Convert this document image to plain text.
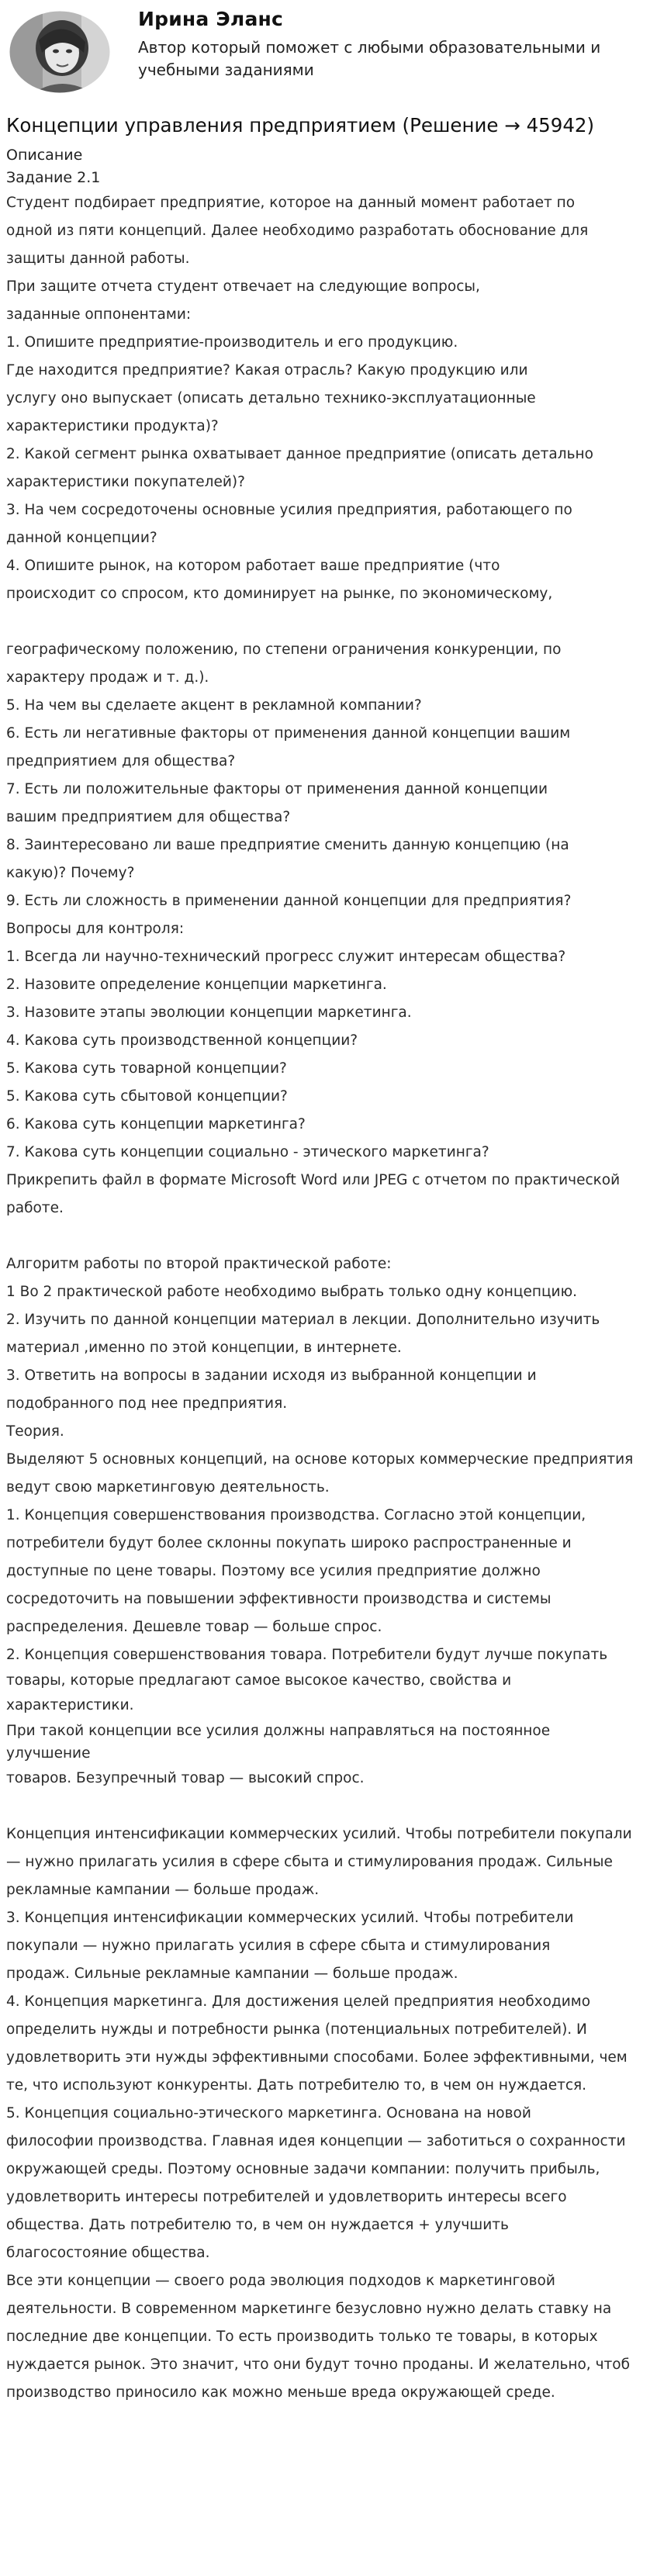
Ирина Эланс
Автор который поможет с любыми образовательными и
учебными заданиями
Концепции управления предприятием (Решение → 45942)
Описание
Задание 2.1
Студент подбирает предприятие, которое на данный момент работает по
одной из пяти концепций. Далее необходимо разработать обоснование для
защиты данной работы.
При защите отчета студент отвечает на следующие вопросы,
заданные оппонентами:
1. Опишите предприятие-производитель и его продукцию.
Где находится предприятие? Какая отрасль? Какую продукцию или
услугу оно выпускает (описать детально технико-эксплуатационные
характеристики продукта)?
2. Какой сегмент рынка охватывает данное предприятие (описать детально
характеристики покупателей)?
3. На чем сосредоточены основные усилия предприятия, работающего по
данной концепции?
4. Опишите рынок, на котором работает ваше предприятие (что
происходит со спросом, кто доминирует на рынке, по экономическому,
географическому положению, по степени ограничения конкуренции, по
характеру продаж и т. д.).
5. На чем вы сделаете акцент в рекламной компании?
6. Есть ли негативные факторы от применения данной концепции вашим
предприятием для общества?
7. Есть ли положительные факторы от применения данной концепции
вашим предприятием для общества?
8. Заинтересовано ли ваше предприятие сменить данную концепцию (на
какую)? Почему?
9. Есть ли сложность в применении данной концепции для предприятия?
Вопросы для контроля:
1. Всегда ли научно-технический прогресс служит интересам общества?
2. Назовите определение концепции маркетинга.
3. Назовите этапы эволюции концепции маркетинга.
4. Какова суть производственной концепции?
5. Какова суть товарной концепции?
5. Какова суть сбытовой концепции?
6. Какова суть концепции маркетинга?
7. Какова суть концепции социально - этического маркетинга?
Прикрепить файл в формате Microsoft Word или JPEG с отчетом по практической
работе.
Алгоритм работы по второй практической работе:
1 Во 2 практической работе необходимо выбрать только одну концепцию.
2. Изучить по данной концепции материал в лекции. Дополнительно изучить
материал ,именно по этой концепции, в интернете.
3. Ответить на вопросы в задании исходя из выбранной концепции и
подобранного под нее предприятия.
Теория.
Выделяют 5 основных концепций, на основе которых коммерческие предприятия
ведут свою маркетинговую деятельность.
1. Концепция совершенствования производства. Согласно этой концепции,
потребители будут более склонны покупать широко распространенные и
доступные по цене товары. Поэтому все усилия предприятие должно
сосредоточить на повышении эффективности производства и системы
распределения. Дешевле товар — больше спрос.
2. Концепция совершенствования товара. Потребители будут лучше покупать
товары, которые предлагают самое высокое качество, свойства и
характеристики.
При такой концепции все усилия должны направляться на постоянное
улучшение
товаров. Безупречный товар — высокий спрос.
Концепция интенсификации коммерческих усилий. Чтобы потребители покупали
— нужно прилагать усилия в сфере сбыта и стимулирования продаж. Сильные
рекламные кампании — больше продаж.
3. Концепция интенсификации коммерческих усилий. Чтобы потребители
покупали — нужно прилагать усилия в сфере сбыта и стимулирования
продаж. Сильные рекламные кампании — больше продаж.
4. Концепция маркетинга. Для достижения целей предприятия необходимо
определить нужды и потребности рынка (потенциальных потребителей). И
удовлетворить эти нужды эффективными способами. Более эффективными, чем
те, что используют конкуренты. Дать потребителю то, в чем он нуждается.
5. Концепция социально-этического маркетинга. Основана на новой
философии производства. Главная идея концепции — заботиться о сохранности
окружающей среды. Поэтому основные задачи компании: получить прибыль,
удовлетворить интересы потребителей и удовлетворить интересы всего
общества. Дать потребителю то, в чем он нуждается + улучшить
благосостояние общества.
Все эти концепции — своего рода эволюция подходов к маркетинговой
деятельности. В современном маркетинге безусловно нужно делать ставку на
последние две концепции. То есть производить только те товары, в которых
нуждается рынок. Это значит, что они будут точно проданы. И желательно, чтоб
производство приносило как можно меньше вреда окружающей среде.
